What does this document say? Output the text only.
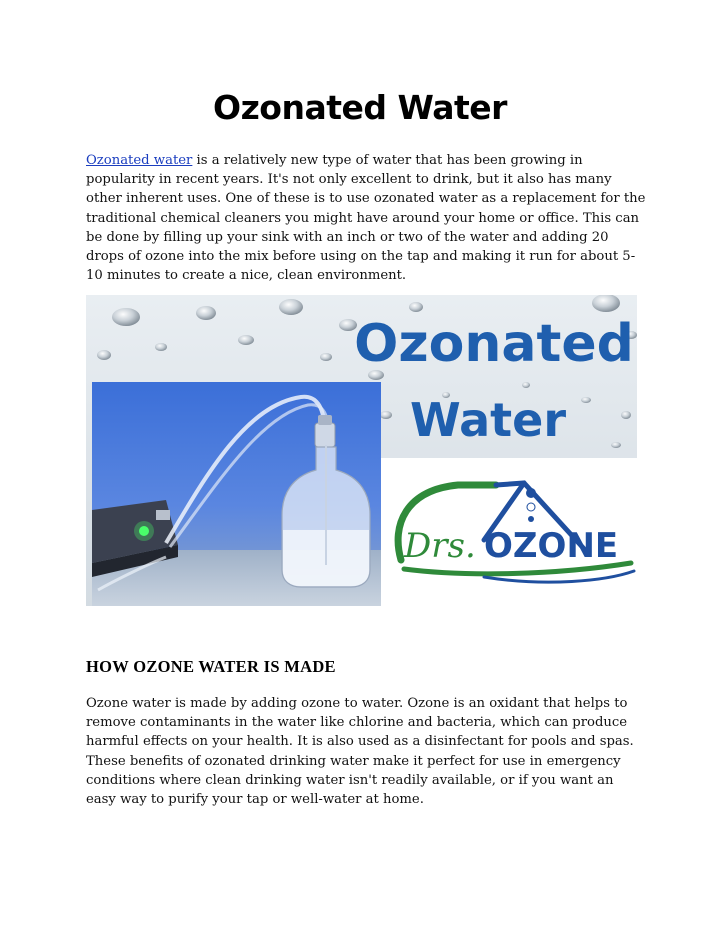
Ozonated Water

Ozonated water is a relatively new type of water that has been growing in popularity in recent years. It's not only excellent to drink, but it also has many other inherent uses. One of these is to use ozonated water as a replacement for the traditional chemical cleaners you might have around your home or office. This can be done by filling up your sink with an inch or two of the water and adding 20 drops of ozone into the mix before using on the tap and making it run for about 5-10 minutes to create a nice, clean environment.

Ozonated
Water
Drs. OZONE
HOW OZONE WATER IS MADE

Ozone water is made by adding ozone to water. Ozone is an oxidant that helps to remove contaminants in the water like chlorine and bacteria, which can produce harmful effects on your health. It is also used as a disinfectant for pools and spas. These benefits of ozonated drinking water make it perfect for use in emergency conditions where clean drinking water isn't readily available, or if you want an easy way to purify your tap or well-water at home.
